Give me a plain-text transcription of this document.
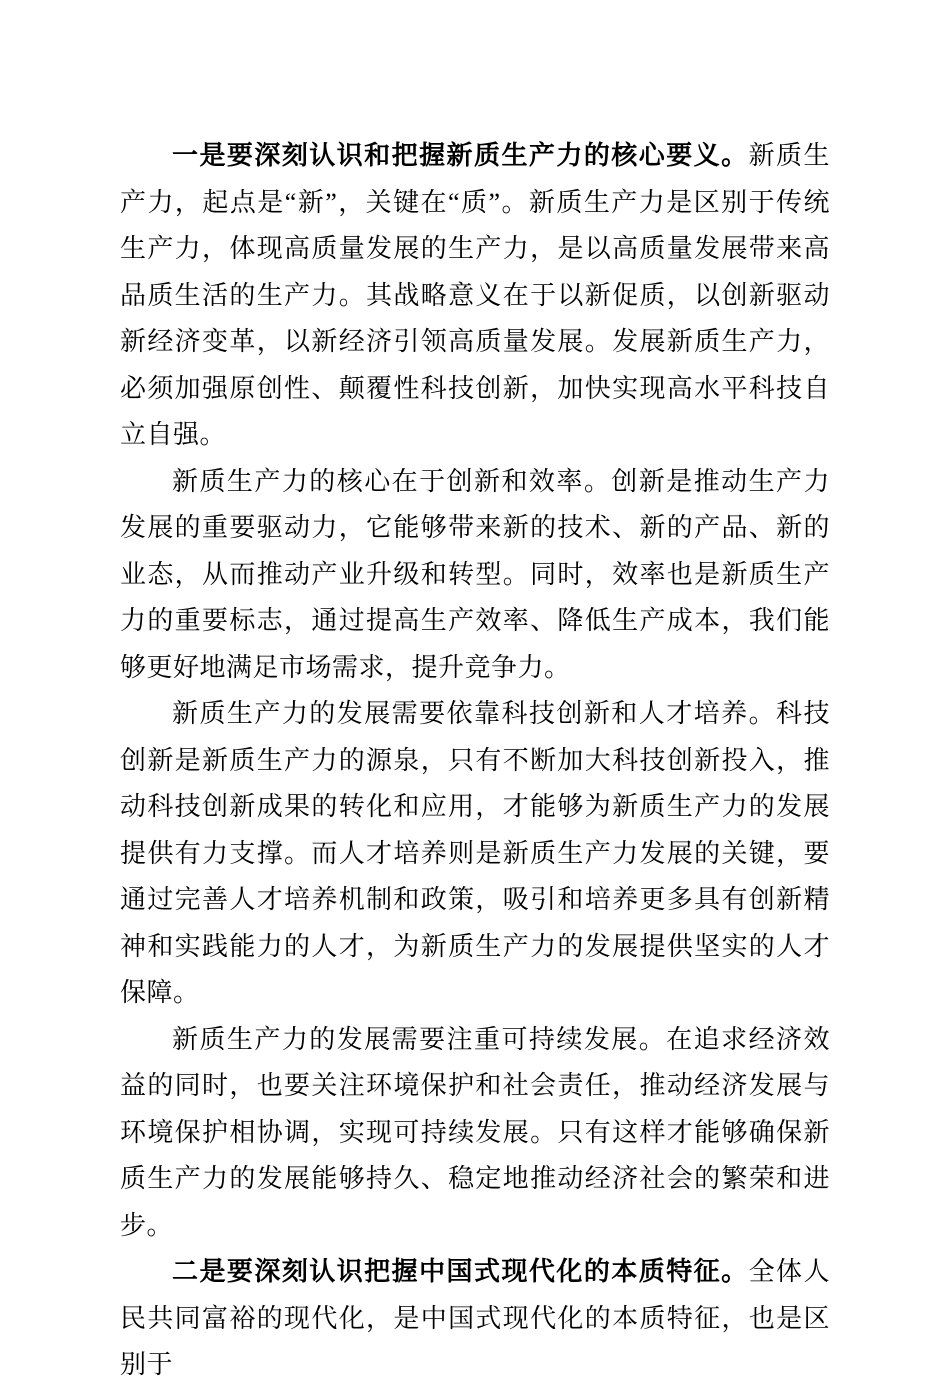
一是要深刻认识和把握新质生产力的核心要义。新质生产力，起点是“新”，关键在“质”。新质生产力是区别于传统生产力，体现高质量发展的生产力，是以高质量发展带来高品质生活的生产力。其战略意义在于以新促质，以创新驱动新经济变革，以新经济引领高质量发展。发展新质生产力，必须加强原创性、颠覆性科技创新，加快实现高水平科技自立自强。

新质生产力的核心在于创新和效率。创新是推动生产力发展的重要驱动力，它能够带来新的技术、新的产品、新的业态，从而推动产业升级和转型。同时，效率也是新质生产力的重要标志，通过提高生产效率、降低生产成本，我们能够更好地满足市场需求，提升竞争力。

新质生产力的发展需要依靠科技创新和人才培养。科技创新是新质生产力的源泉，只有不断加大科技创新投入，推动科技创新成果的转化和应用，才能够为新质生产力的发展提供有力支撑。而人才培养则是新质生产力发展的关键，要通过完善人才培养机制和政策，吸引和培养更多具有创新精神和实践能力的人才，为新质生产力的发展提供坚实的人才保障。

新质生产力的发展需要注重可持续发展。在追求经济效益的同时，也要关注环境保护和社会责任，推动经济发展与环境保护相协调，实现可持续发展。只有这样才能够确保新质生产力的发展能够持久、稳定地推动经济社会的繁荣和进步。

二是要深刻认识把握中国式现代化的本质特征。全体人民共同富裕的现代化，是中国式现代化的本质特征，也是区别于
